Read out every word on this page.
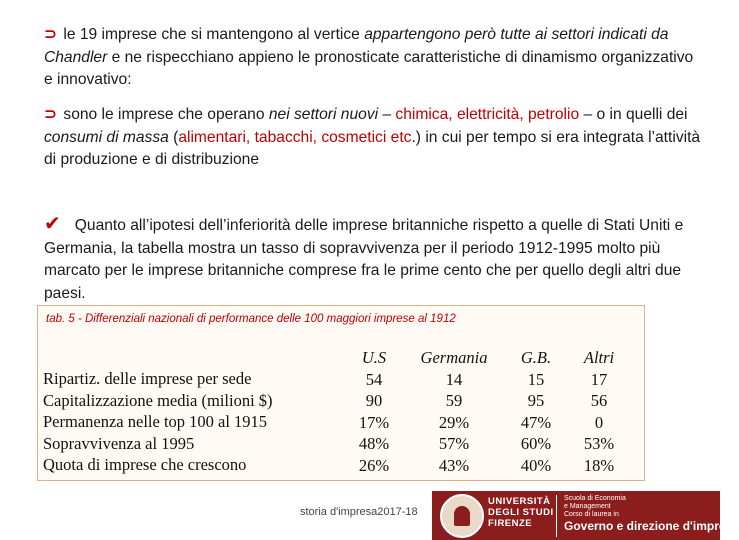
⊃ le 19 imprese che si mantengono al vertice appartengono però tutte ai settori indicati da Chandler e ne rispecchiano appieno le pronosticate caratteristiche di dinamismo organizzativo e innovativo:
⊃ sono le imprese che operano nei settori nuovi – chimica, elettricità, petrolio – o in quelli dei consumi di massa (alimentari, tabacchi, cosmetici etc.) in cui per tempo si era integrata l’attività di produzione e di distribuzione
✔ Quanto all’ipotesi dell’inferiorità delle imprese britanniche rispetto a quelle di Stati Uniti e Germania, la tabella mostra un tasso di sopravvivenza per il periodo 1912-1995 molto più marcato per le imprese britanniche comprese fra le prime cento che per quello degli altri due paesi.
tab. 5 - Differenziali nazionali di performance delle 100 maggiori imprese al 1912
Ripartiz. delle imprese per sede
Capitalizzazione media (milioni $)
Permanenza nelle top 100 al 1915
Sopravvivenza al 1995
Quota di imprese che crescono
U.S
54
90
17%
48%
26%
Germania
14
59
29%
57%
43%
G.B.
15
95
47%
60%
40%
Altri
17
56
0
53%
18%
storia d'impresa2017-18
UNIVERSITÀ
DEGLI STUDI
FIRENZE
Scuola di Economia
e Management
Corso di laurea in
Governo e direzione d'impresa
